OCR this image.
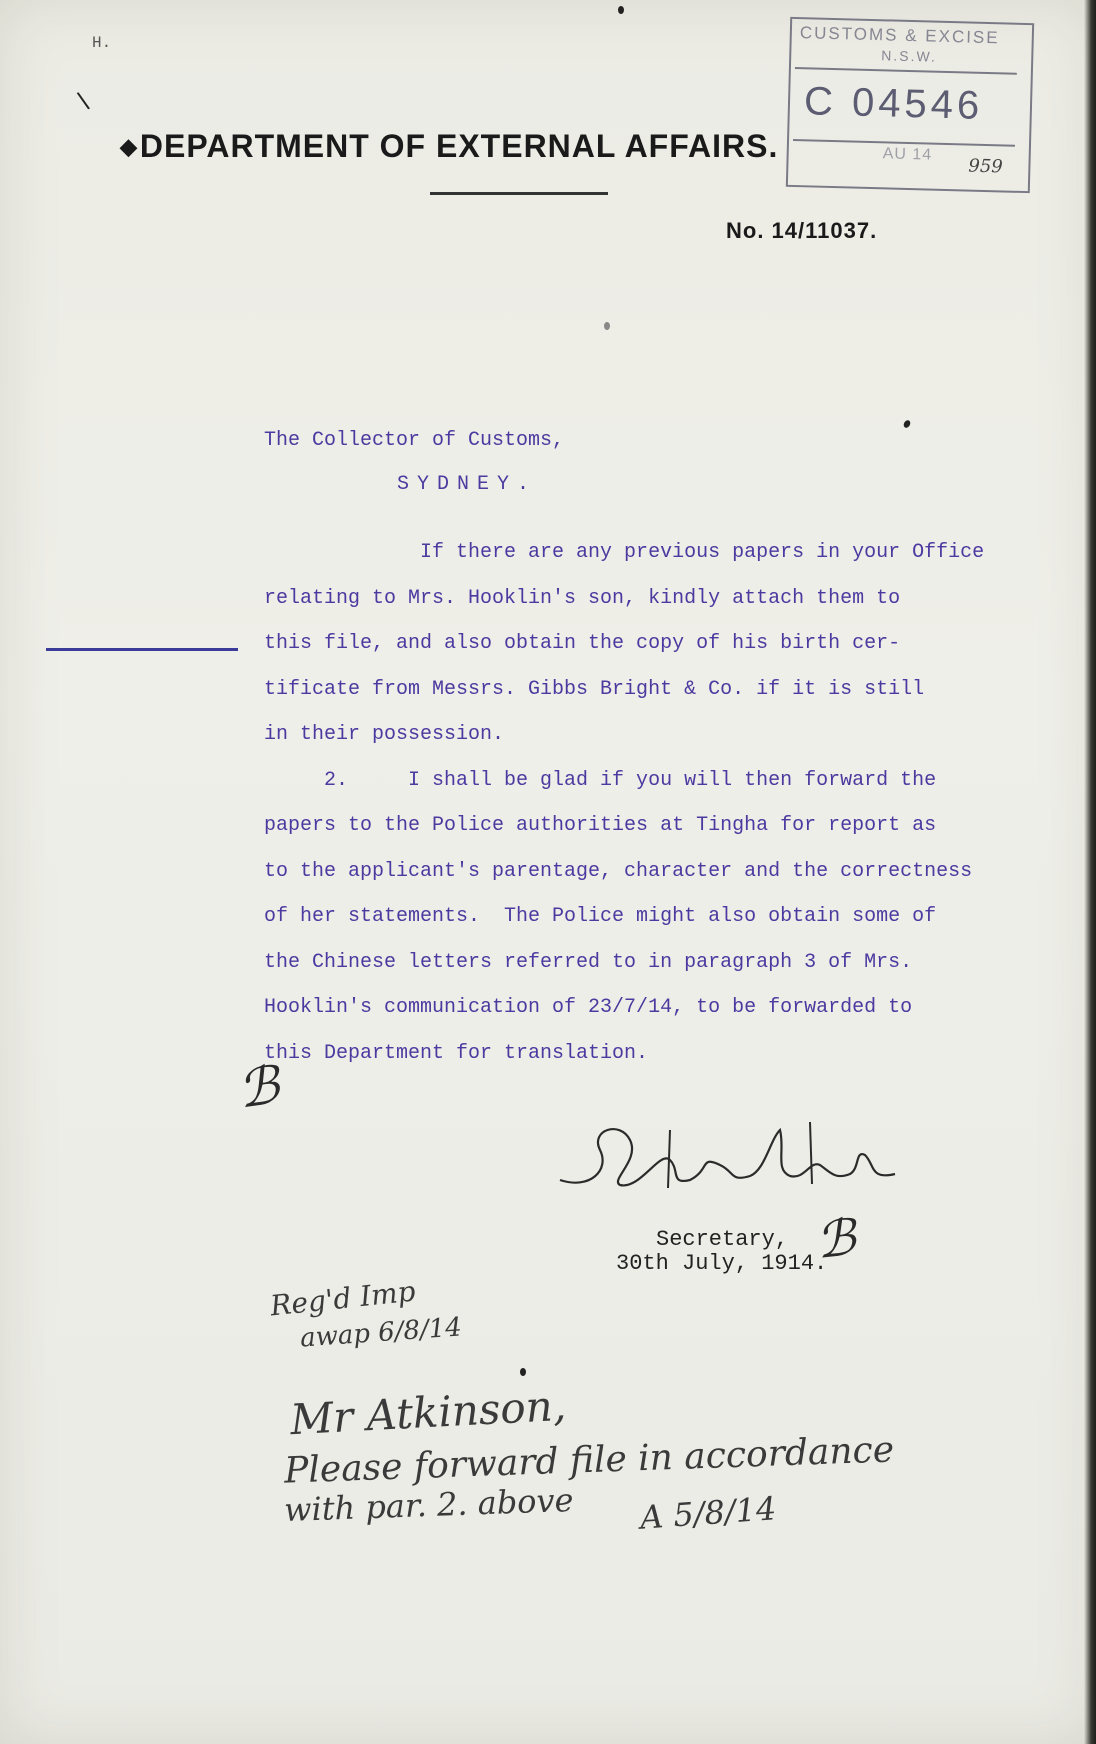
H.
\
CUSTOMS & EXCISE
N.S.W.
C 04546
AU 14
959
◆DEPARTMENT OF EXTERNAL AFFAIRS.
No. 14/11037.
The Collector of Customs,
SYDNEY.

If there are any previous papers in your Office
relating to Mrs. Hooklin's son, kindly attach them to
this file, and also obtain the copy of his birth cer-
tificate from Messrs. Gibbs Bright & Co. if it is still
in their possession.

2.     I shall be glad if you will then forward the
papers to the Police authorities at Tingha for report as
to the applicant's parentage, character and the correctness
of her statements.  The Police might also obtain some of
the Chinese letters referred to in paragraph 3 of Mrs.
Hooklin's communication of 23/7/14, to be forwarded to
this Department for translation.

ℬ
Secretary,
30th July, 1914.
ℬ
Reg'd Imp
awap 6/8/14
Mr Atkinson,
Please forward file in accordance
with par. 2. above A 5/8/14
